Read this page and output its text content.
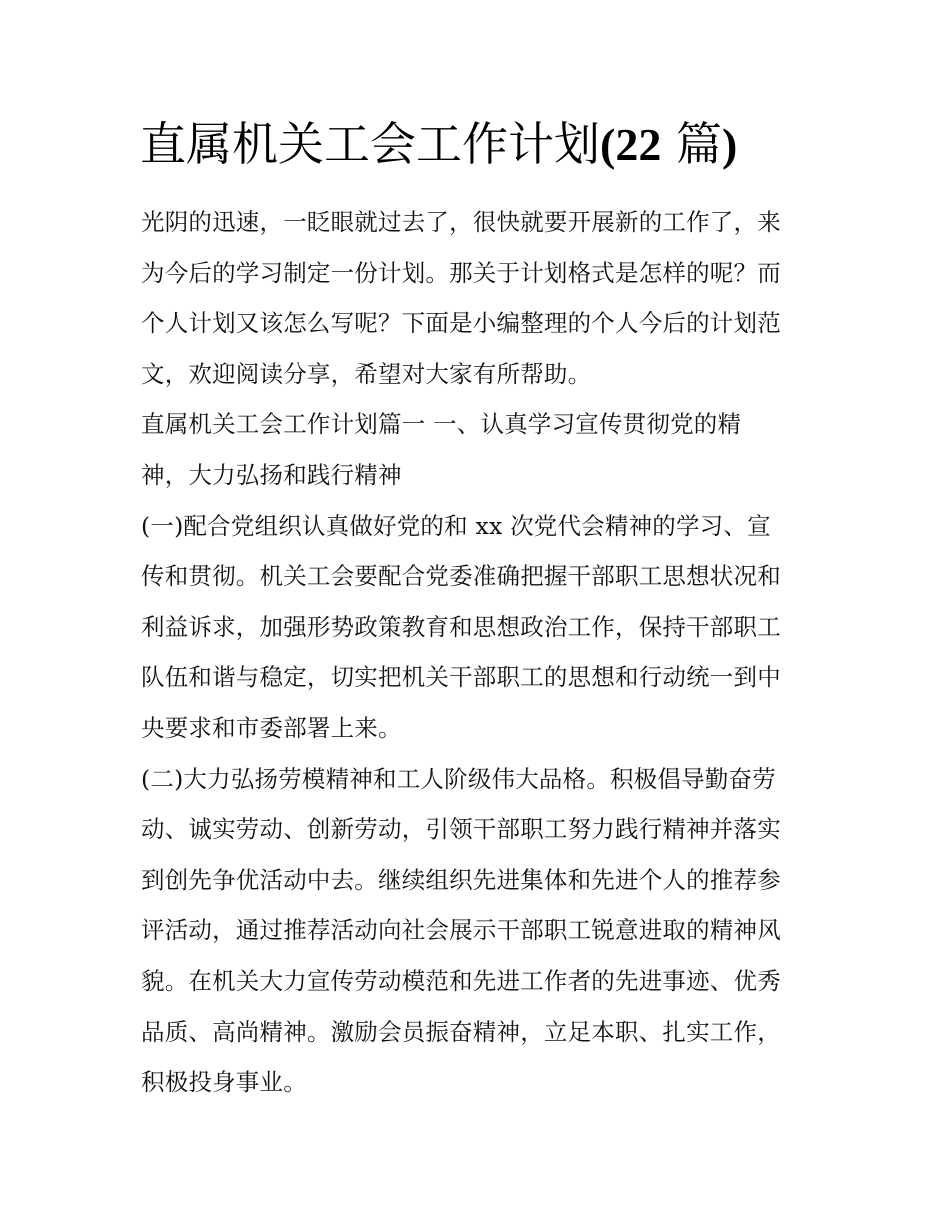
直属机关工会工作计划(22 篇)
光阴的迅速，一眨眼就过去了，很快就要开展新的工作了，来
为今后的学习制定一份计划。那关于计划格式是怎样的呢？而
个人计划又该怎么写呢？下面是小编整理的个人今后的计划范
文，欢迎阅读分享，希望对大家有所帮助。
直属机关工会工作计划篇一 一、认真学习宣传贯彻党的精
神，大力弘扬和践行精神
(一)配合党组织认真做好党的和 xx 次党代会精神的学习、宣
传和贯彻。机关工会要配合党委准确把握干部职工思想状况和
利益诉求，加强形势政策教育和思想政治工作，保持干部职工
队伍和谐与稳定，切实把机关干部职工的思想和行动统一到中
央要求和市委部署上来。
(二)大力弘扬劳模精神和工人阶级伟大品格。积极倡导勤奋劳
动、诚实劳动、创新劳动，引领干部职工努力践行精神并落实
到创先争优活动中去。继续组织先进集体和先进个人的推荐参
评活动，通过推荐活动向社会展示干部职工锐意进取的精神风
貌。在机关大力宣传劳动模范和先进工作者的先进事迹、优秀
品质、高尚精神。激励会员振奋精神，立足本职、扎实工作，
积极投身事业。
